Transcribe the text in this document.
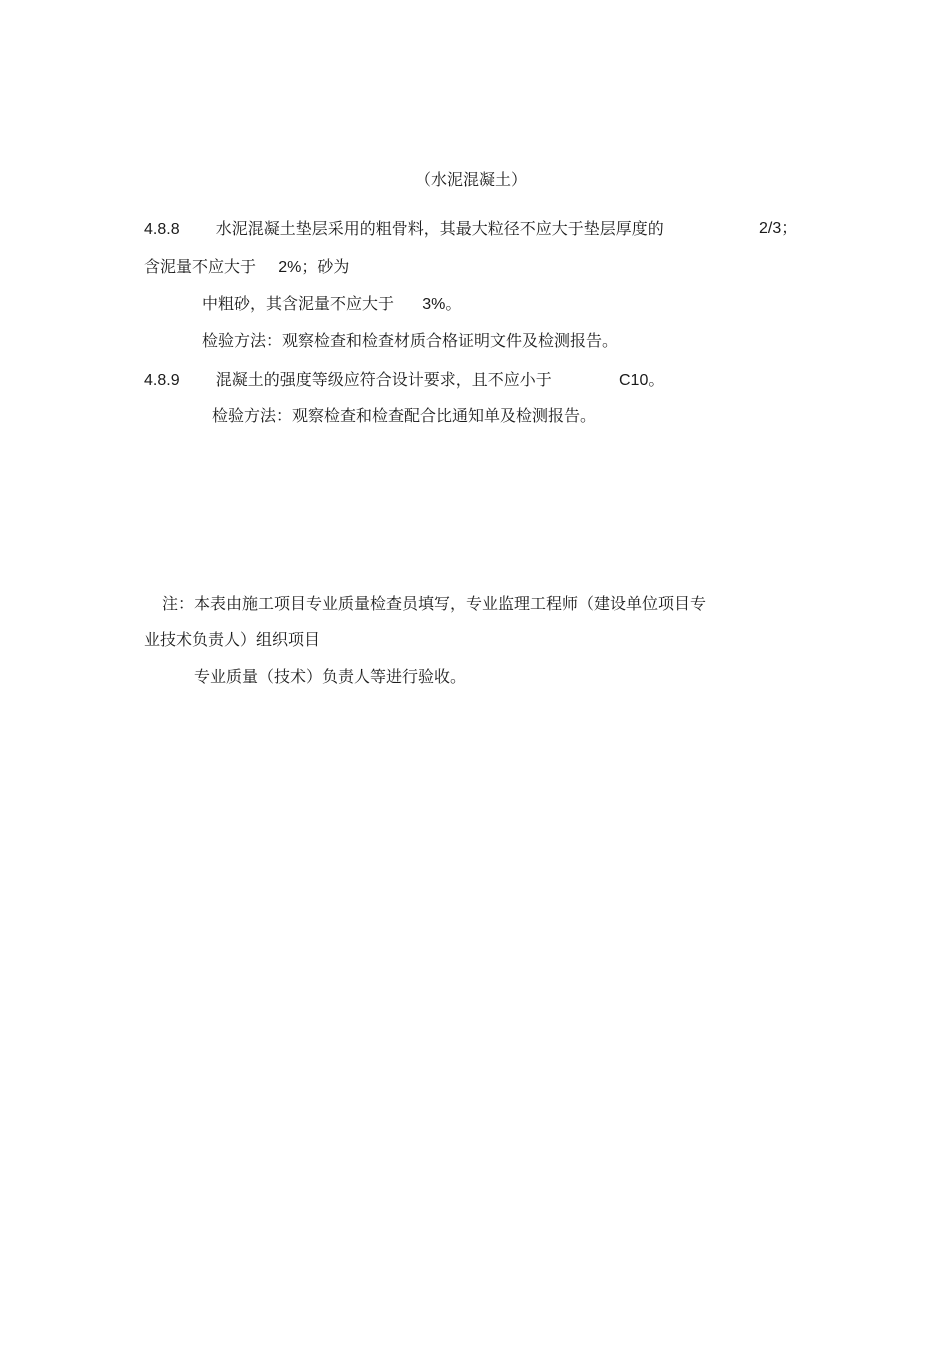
（水泥混凝土）
4.8.8 水泥混凝土垫层采用的粗骨料，其最大粒径不应大于垫层厚度的	2/3；
含泥量不应大于 2%；砂为
中粗砂，其含泥量不应大于 3%。
检验方法：观察检查和检查材质合格证明文件及检测报告。
4.8.9 混凝土的强度等级应符合设计要求，且不应小于	C10。
检验方法：观察检查和检查配合比通知单及检测报告。
注：本表由施工项目专业质量检查员填写，专业监理工程师（建设单位项目专
业技术负责人）组织项目
专业质量（技术）负责人等进行验收。
